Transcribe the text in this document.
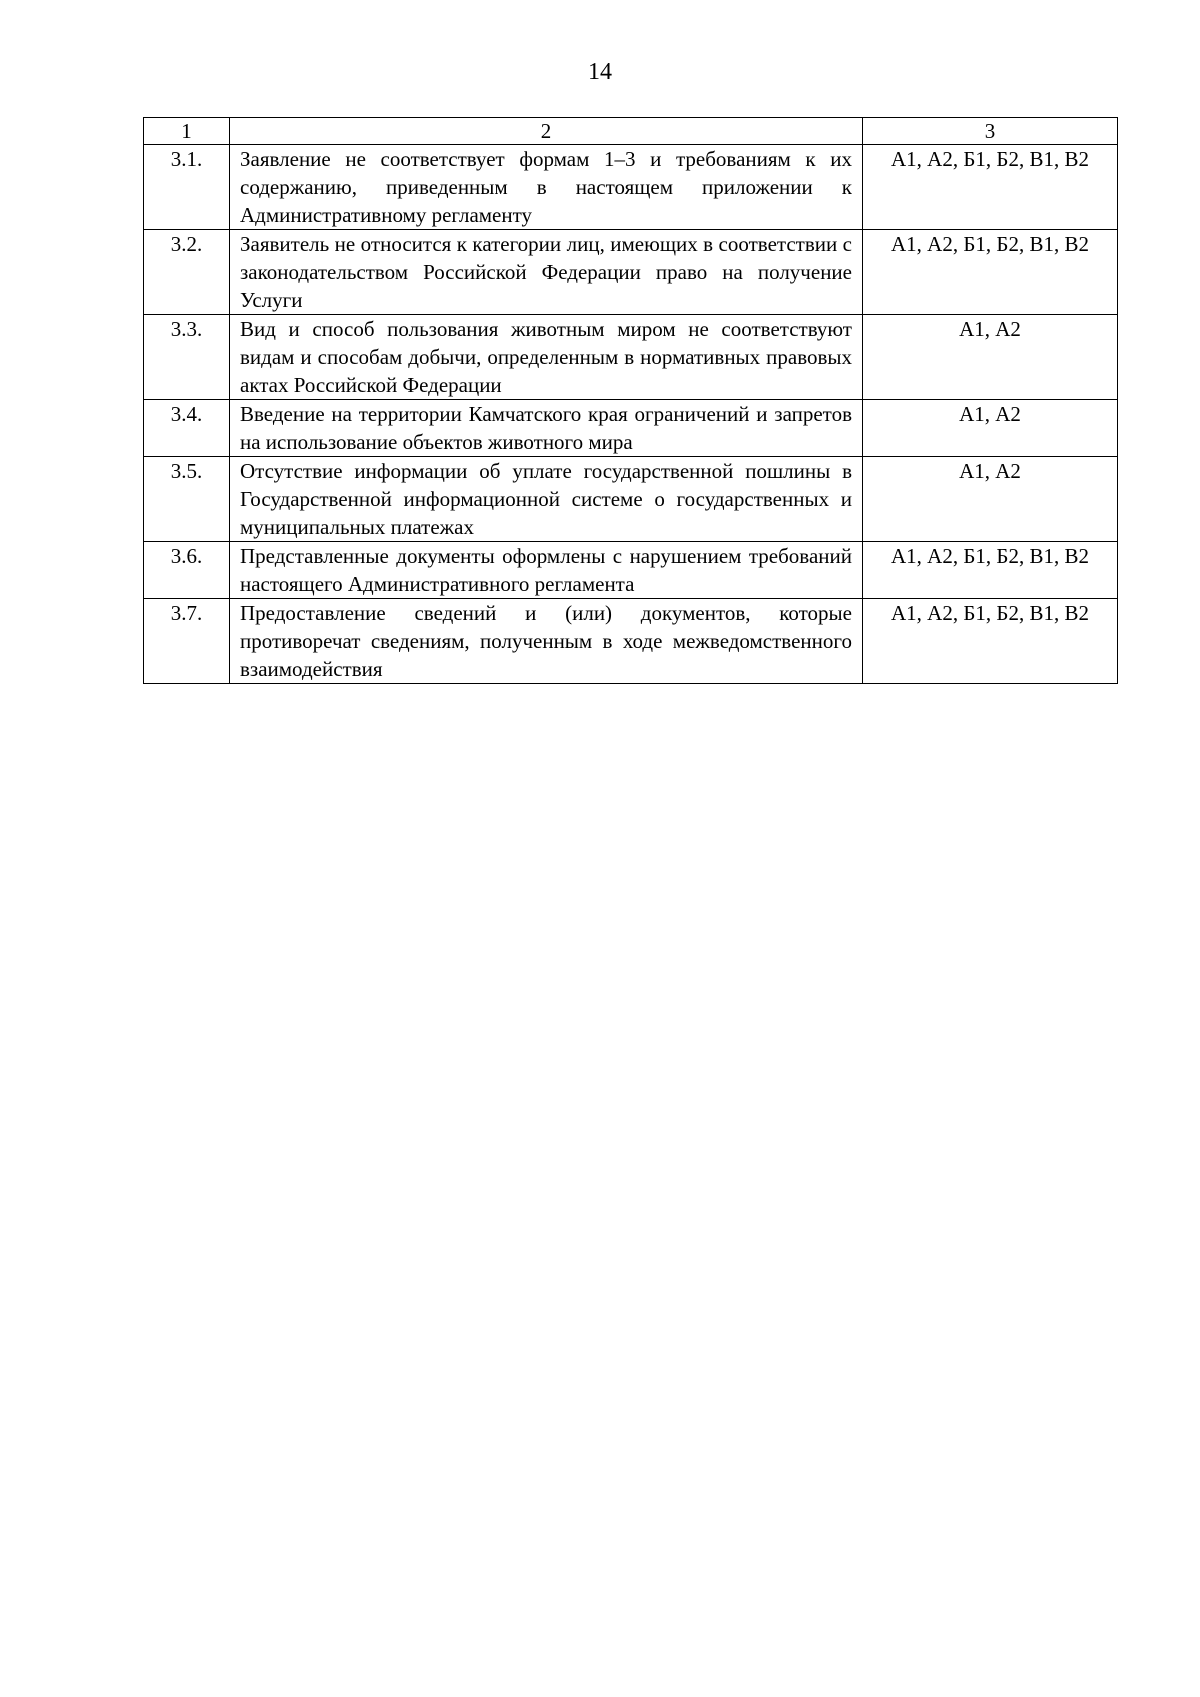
14
1	2	3
3.1.	Заявление не соответствует формам 1–3 и требованиям к их содержанию, приведенным в настоящем приложении к Административному регламенту	А1, А2, Б1, Б2, В1, В2
3.2.	Заявитель не относится к категории лиц, имеющих в соответствии с законодательством Российской Федерации право на получение Услуги	А1, А2, Б1, Б2, В1, В2
3.3.	Вид и способ пользования животным миром не соответствуют видам и способам добычи, определенным в нормативных правовых актах Российской Федерации	А1, А2
3.4.	Введение на территории Камчатского края ограничений и запретов на использование объектов животного мира	А1, А2
3.5.	Отсутствие информации об уплате государственной пошлины в Государственной информационной системе о государственных и муниципальных платежах	А1, А2
3.6.	Представленные документы оформлены с нарушением требований настоящего Административного регламента	А1, А2, Б1, Б2, В1, В2
3.7.	Предоставление сведений и (или) документов, которые противоречат сведениям, полученным в ходе межведомственного взаимодействия	А1, А2, Б1, Б2, В1, В2
